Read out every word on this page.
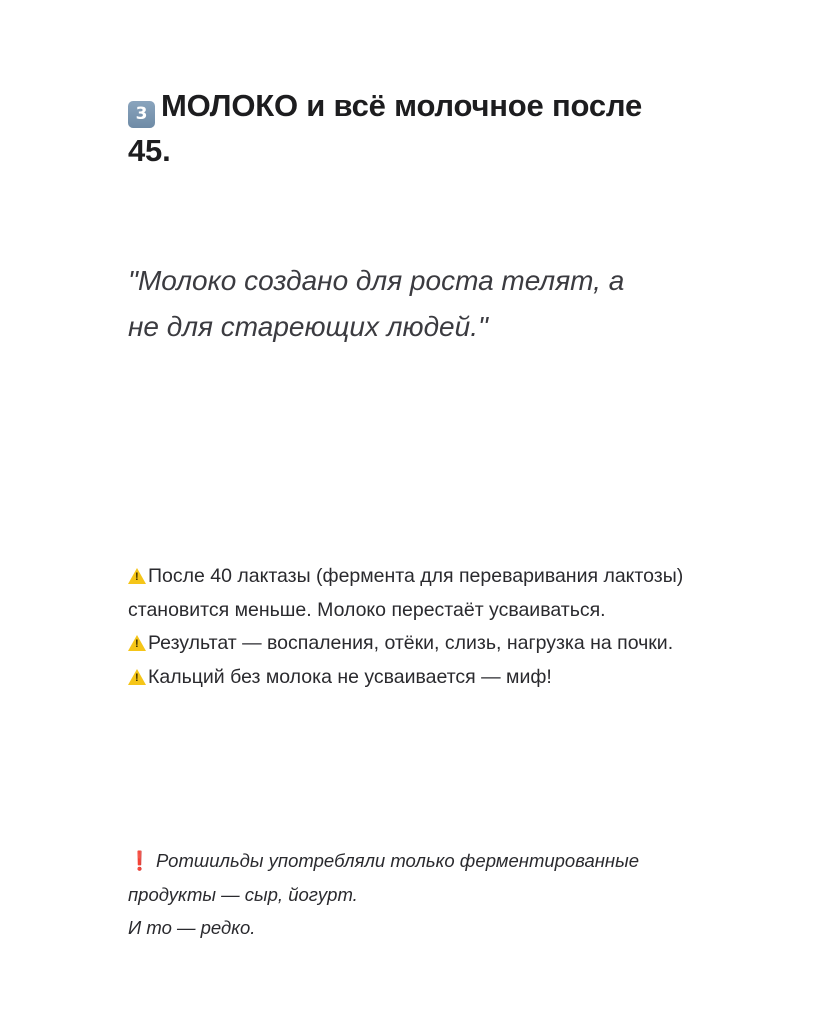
3 МОЛОКО и всё молочное после 45.
"Молоко создано для роста телят, а не для стареющих людей."

!После 40 лактазы (фермента для переваривания лактозы) становится меньше. Молоко перестаёт усваиваться.

!Результат — воспаления, отёки, слизь, нагрузка на почки.

!Кальций без молока не усваивается — миф!

❗ Ротшильды употребляли только ферментированные продукты — сыр, йогурт.

И то — редко.
